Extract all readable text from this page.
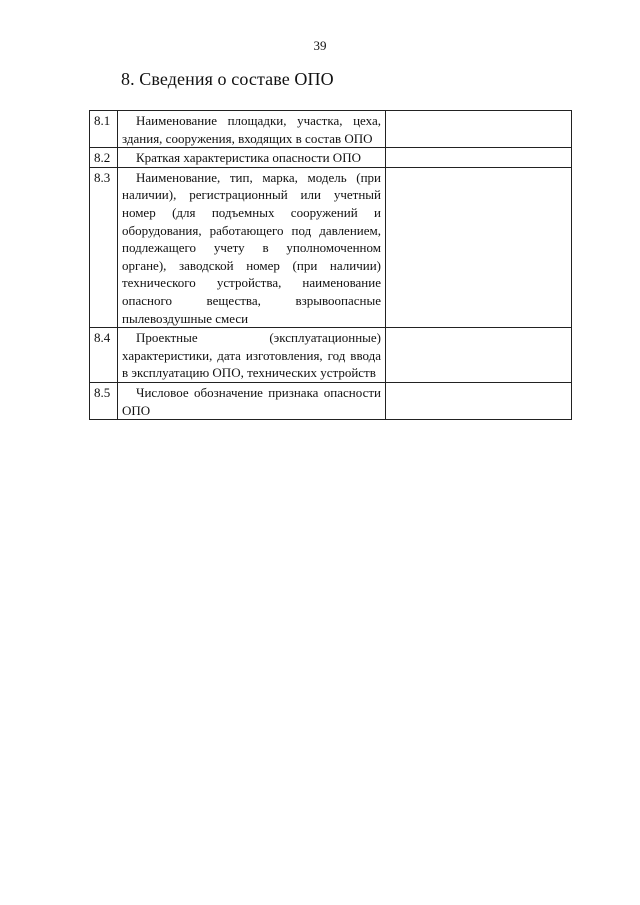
39
8. Сведения о составе ОПО
8.1	Наименование площадки, участка, цеха, здания, сооружения, входящих в состав ОПО	

8.2	Краткая характеристика опасности ОПО	

8.3	Наименование, тип, марка, модель (при наличии), регистрационный или учетный номер (для подъемных сооружений и оборудования, работающего под давлением, подлежащего учету в уполномоченном органе), заводской номер (при наличии) технического устройства, наименование опасного вещества, взрывоопасные пылевоздушные смеси	

8.4	Проектные (эксплуатационные) характеристики, дата изготовления, год ввода в эксплуатацию ОПО, технических устройств	

8.5	Числовое обозначение признака опасности ОПО	
